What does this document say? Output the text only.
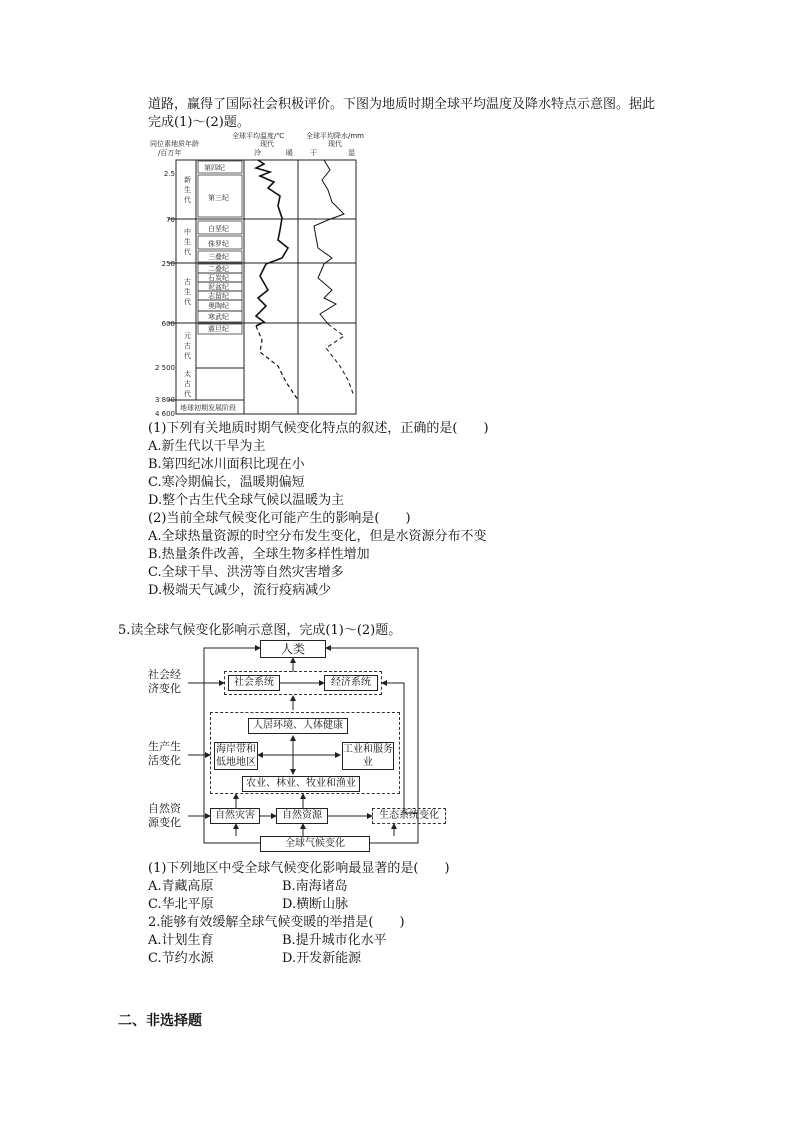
道路，赢得了国际社会积极评价。下图为地质时期全球平均温度及降水特点示意图。据此
完成(1)～(2)题。
同位素地质年龄
/百万年
全球平均温度/℃	全球平均降水/mm
现代	现代
冷	暖 干	湿
第四纪
第三纪
白垩纪
侏罗纪
三叠纪
二叠纪
石炭纪
泥盆纪
志留纪
奥陶纪
寒武纪
震旦纪
地球初期发展阶段
新
生
代
中
生
代
古
生
代
元
古
代
太
古
代
2.5
70
250
600
2 500
3 800
4 600
(1)下列有关地质时期气候变化特点的叙述，正确的是(　　)
A.新生代以干旱为主
B.第四纪冰川面积比现在小
C.寒冷期偏长，温暖期偏短
D.整个古生代全球气候以温暖为主
(2)当前全球气候变化可能产生的影响是(　　)
A.全球热量资源的时空分布发生变化，但是水资源分布不变
B.热量条件改善，全球生物多样性增加
C.全球干旱、洪涝等自然灾害增多
D.极端天气减少，流行疫病减少
5.读全球气候变化影响示意图，完成(1)～(2)题。
社会经济变化
生产生活变化
自然资源变化
人类
社会系统	经济系统
人居环境、人体健康
海岸带和低地地区
工业和服务业
农业、林业、牧业和渔业
自然灾害	自然资源	生态系统变化
全球气候变化
(1)下列地区中受全球气候变化影响最显著的是(　　)
A.青藏高原	B.南海诸岛
C.华北平原	D.横断山脉
2.能够有效缓解全球气候变暖的举措是(　　)
A.计划生育	B.提升城市化水平
C.节约水源	D.开发新能源
二、非选择题
